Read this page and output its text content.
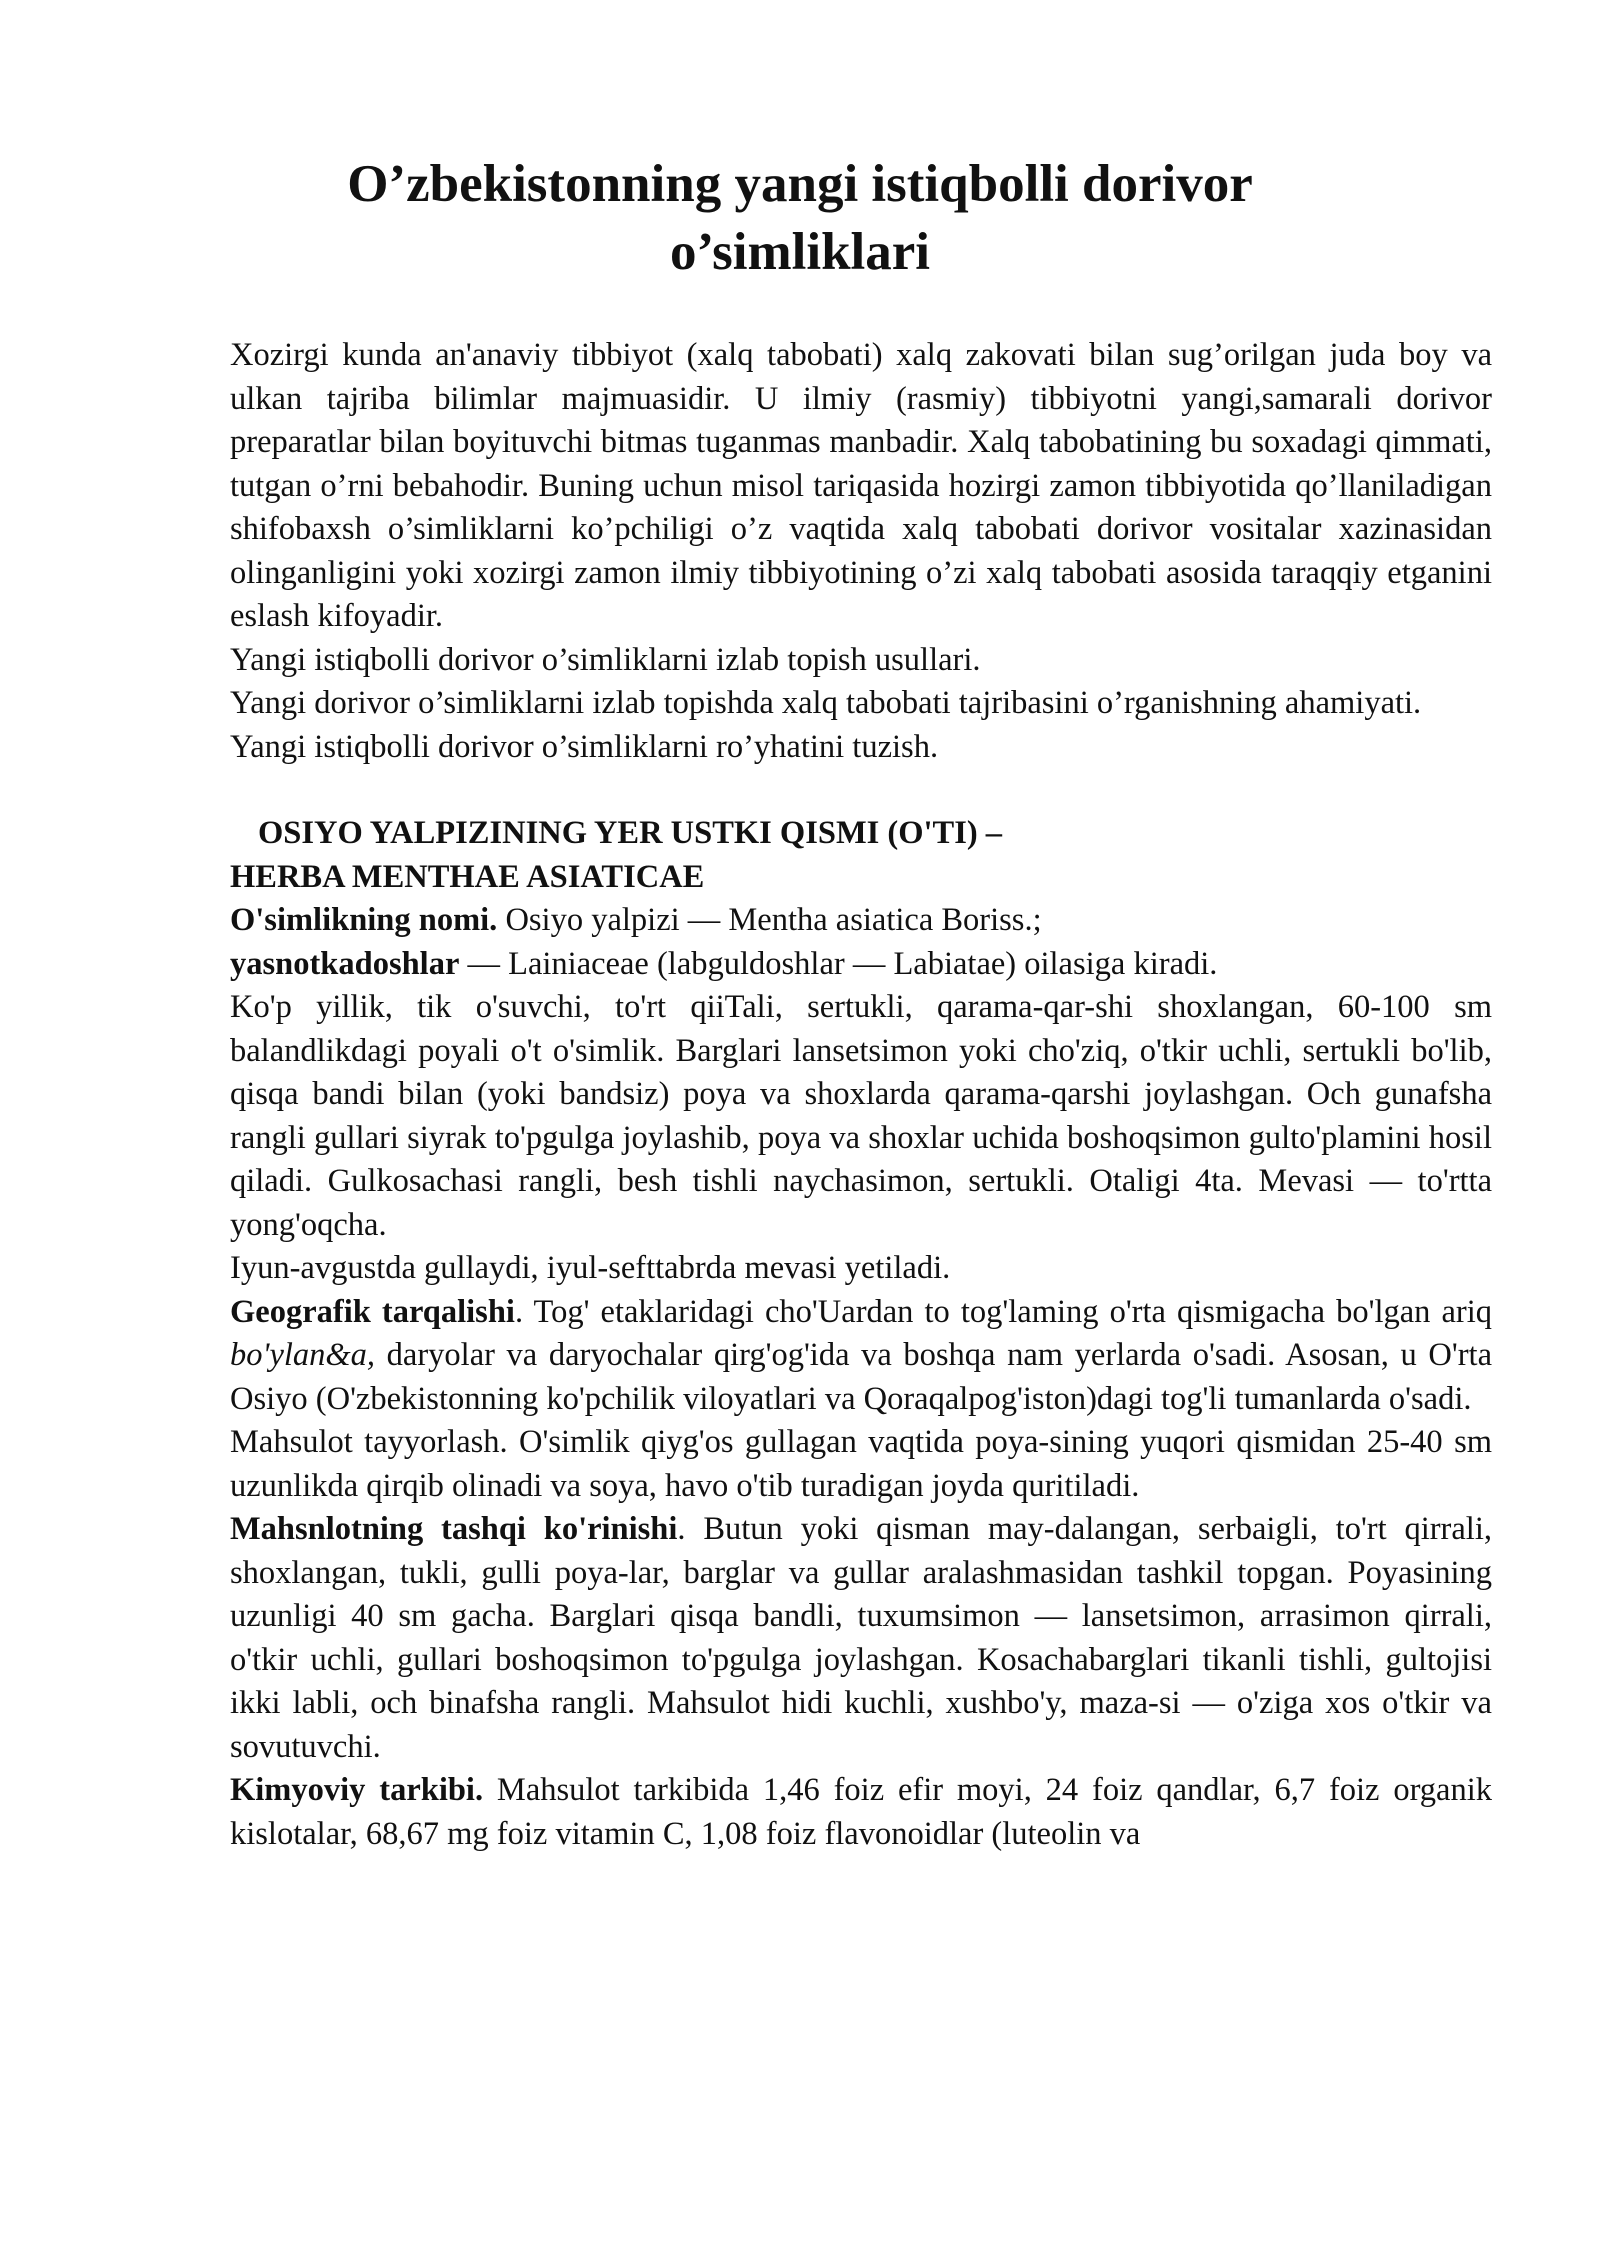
O’zbekistonning yangi istiqbolli dorivor
o’simliklari

Xozirgi kunda an'anaviy tibbiyot (xalq tabobati) xalq zakovati bilan sug’orilgan juda boy va ulkan tajriba bilimlar majmuasidir. U ilmiy (rasmiy) tibbiyotni yangi,samarali dorivor preparatlar bilan boyituvchi bitmas tuganmas manbadir. Xalq tabobatining bu soxadagi qimmati, tutgan o’rni bebahodir. Buning uchun misol tariqasida hozirgi zamon tibbiyotida qo’llaniladigan shifobaxsh o’simliklarni ko’pchiligi o’z vaqtida xalq tabobati dorivor vositalar xazinasidan olinganligini yoki xozirgi zamon ilmiy tibbiyotining o’zi xalq tabobati asosida taraqqiy etganini eslash kifoyadir.

Yangi istiqbolli dorivor o’simliklarni izlab topish usullari.

Yangi dorivor o’simliklarni izlab topishda xalq tabobati tajribasini o’rganishning ahamiyati.

Yangi istiqbolli dorivor o’simliklarni ro’yhatini tuzish.

OSIYO YALPIZINING YER USTKI QISMI (O'TI) –
HERBA MENTHAE ASIATICAE

O'simlikning nomi. Osiyo yalpizi — Mentha asiatica Boriss.;

yasnotkadoshlar — Lainiaceae (labguldoshlar — Labiatae) oilasiga kiradi.

Ko'p yillik, tik o'suvchi, to'rt qiiTali, sertukli, qarama-qar-shi shoxlangan, 60-100 sm balandlikdagi poyali o't o'simlik. Barglari lansetsimon yoki cho'ziq, o'tkir uchli, sertukli bo'lib, qisqa bandi bilan (yoki bandsiz) poya va shoxlarda qarama-qarshi joylashgan. Och gunafsha rangli gullari siyrak to'pgulga joylashib, poya va shoxlar uchida boshoqsimon gulto'plamini hosil qiladi. Gulkosachasi rangli, besh tishli naychasimon, sertukli. Otaligi 4ta. Mevasi — to'rtta yong'oqcha.

Iyun-avgustda gullaydi, iyul-sefttabrda mevasi yetiladi.

Geografik tarqalishi. Tog' etaklaridagi cho'Uardan to tog'laming o'rta qismigacha bo'lgan ariq bo'ylan&a, daryolar va daryochalar qirg'og'ida va boshqa nam yerlarda o'sadi. Asosan, u O'rta Osiyo (O'zbekistonning ko'pchilik viloyatlari va Qoraqalpog'iston)dagi tog'li tumanlarda o'sadi.

Mahsulot tayyorlash. O'simlik qiyg'os gullagan vaqtida poya-sining yuqori qismidan 25-40 sm uzunlikda qirqib olinadi va soya, havo o'tib turadigan joyda quritiladi.

Mahsnlotning tashqi ko'rinishi. Butun yoki qisman may-dalangan, serbaigli, to'rt qirrali, shoxlangan, tukli, gulli poya-lar, barglar va gullar aralashmasidan tashkil topgan. Poyasining uzunligi 40 sm gacha. Barglari qisqa bandli, tuxumsimon — lansetsimon, arrasimon qirrali, o'tkir uchli, gullari boshoqsimon to'pgulga joylashgan. Kosachabarglari tikanli tishli, gultojisi ikki labli, och binafsha rangli. Mahsulot hidi kuchli, xushbo'y, maza-si — o'ziga xos o'tkir va sovutuvchi.

Kimyoviy tarkibi. Mahsulot tarkibida 1,46 foiz efir moyi, 24 foiz qandlar, 6,7 foiz organik kislotalar, 68,67 mg foiz vitamin C, 1,08 foiz flavonoidlar (luteolin va
